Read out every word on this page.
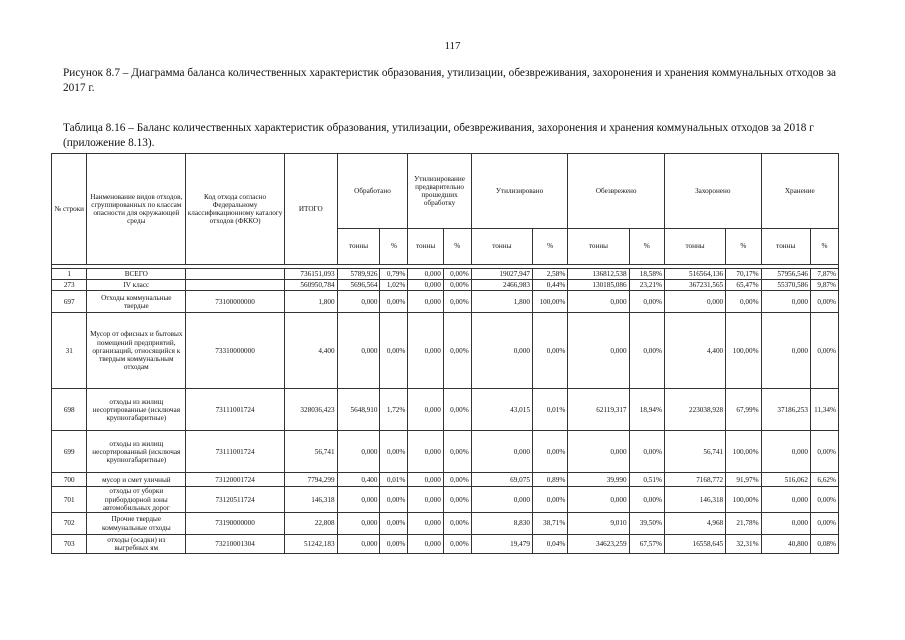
117
Рисунок 8.7 – Диаграмма баланса количественных характеристик образования, утилизации, обезвреживания, захоронения и хранения коммунальных отходов за 2017 г.
Таблица 8.16 – Баланс количественных характеристик образования, утилизации, обезвреживания, захоронения и хранения коммунальных отходов за 2018 г (приложение 8.13).
№ строки	Наименование видов отходов, сгруппированных по классам опасности для окружающей среды	Код отхода согласно Федеральному классификационному каталогу отходов (ФККО)	ИТОГО	Обработано		Утилизирование предварительно прошедших обработку		Утилизировано		Обезврежено		Захоронено		Хранение	
				тонны	%	тонны	%	тонны	%	тонны	%	тонны	%	тонны	%

1	ВСЕГО		736151,093	5789,926	0,79%	0,000	0,00%	19027,947	2,58%	136812,538	18,58%	516564,136	70,17%	57956,546	7,87%
273	IV класс		560950,784	5696,564	1,02%	0,000	0,00%	2466,983	0,44%	130185,086	23,21%	367231,565	65,47%	55370,586	9,87%
697	Отходы коммунальные твердые	73100000000	1,800	0,000	0,00%	0,000	0,00%	1,800	100,00%	0,000	0,00%	0,000	0,00%	0,000	0,00%
31	Мусор от офисных и бытовых помещений предприятий, организаций, относящийся к твердым коммунальным отходам	73310000000	4,400	0,000	0,00%	0,000	0,00%	0,000	0,00%	0,000	0,00%	4,400	100,00%	0,000	0,00%
698	отходы из жилищ несортированные (исключая крупногабаритные)	73111001724	328036,423	5648,910	1,72%	0,000	0,00%	43,015	0,01%	62119,317	18,94%	223038,928	67,99%	37186,253	11,34%
699	отходы из жилищ несортированный (исключая крупногабаритные)	73111001724	56,741	0,000	0,00%	0,000	0,00%	0,000	0,00%	0,000	0,00%	56,741	100,00%	0,000	0,00%
700	мусор и смет уличный	73120001724	7794,299	0,400	0,01%	0,000	0,00%	69,075	0,89%	39,990	0,51%	7168,772	91,97%	516,062	6,62%
701	отходы от уборки прибордюрной зоны автомобильных дорог	73120511724	146,318	0,000	0,00%	0,000	0,00%	0,000	0,00%	0,000	0,00%	146,318	100,00%	0,000	0,00%
702	Прочие твердые коммунальные отходы	73190000000	22,808	0,000	0,00%	0,000	0,00%	8,830	38,71%	9,010	39,50%	4,968	21,78%	0,000	0,00%
703	отходы (осадки) из выгребных ям	73210001304	51242,183	0,000	0,00%	0,000	0,00%	19,479	0,04%	34623,259	67,57%	16558,645	32,31%	40,800	0,08%
